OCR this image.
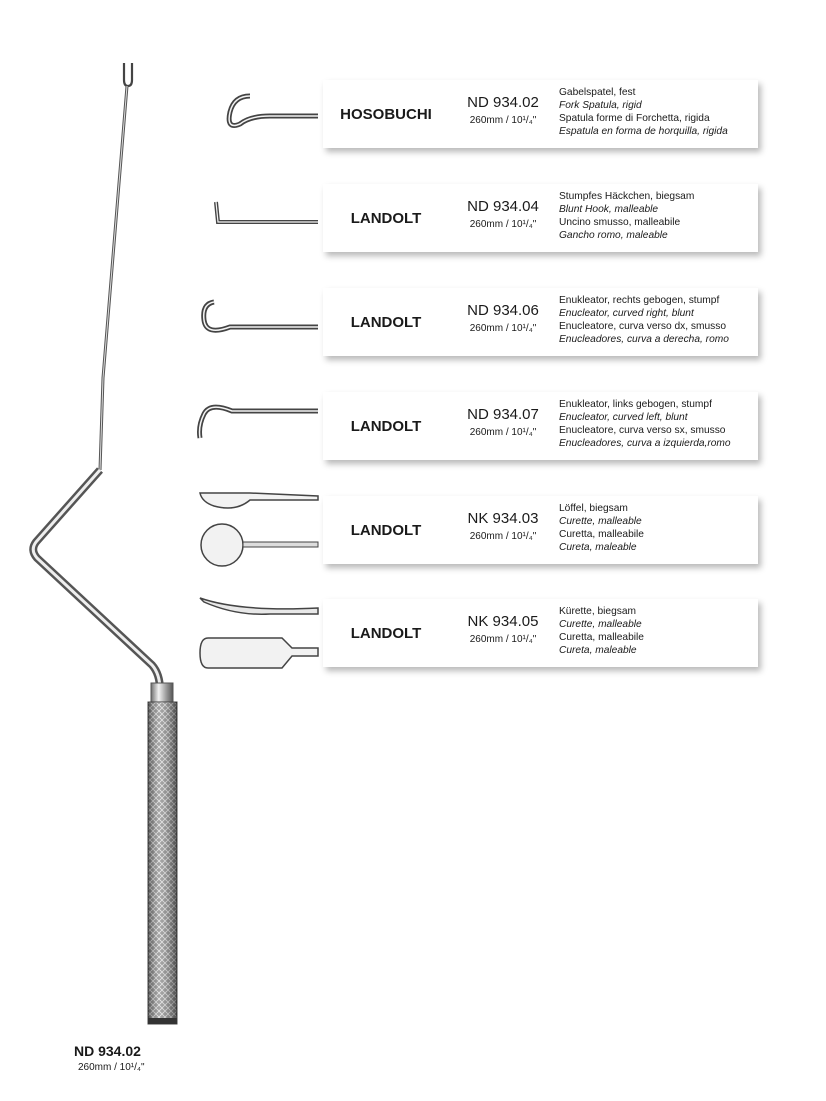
HOSOBUCHI
ND 934.02
260mm / 10¹/₄"
Gabelspatel, fest
Fork Spatula, rigid
Spatula forme di Forchetta, rigida
Espatula en forma de horquilla, rigida
LANDOLT
ND 934.04
260mm / 10¹/₄"
Stumpfes Häckchen, biegsam
Blunt Hook, malleable
Uncino smusso, malleabile
Gancho romo, maleable
LANDOLT
ND 934.06
260mm / 10¹/₄"
Enukleator, rechts gebogen, stumpf
Enucleator, curved right, blunt
Enucleatore, curva verso dx, smusso
Enucleadores, curva a derecha, romo
LANDOLT
ND 934.07
260mm / 10¹/₄"
Enukleator, links gebogen, stumpf
Enucleator, curved left, blunt
Enucleatore, curva verso sx, smusso
Enucleadores, curva a izquierda,romo
LANDOLT
NK 934.03
260mm / 10¹/₄"
Löffel, biegsam
Curette, malleable
Curetta, malleabile
Cureta, maleable
LANDOLT
NK 934.05
260mm / 10¹/₄"
Kürette, biegsam
Curette, malleable
Curetta, malleabile
Cureta, maleable
ND 934.02
260mm / 10¹/₄"
